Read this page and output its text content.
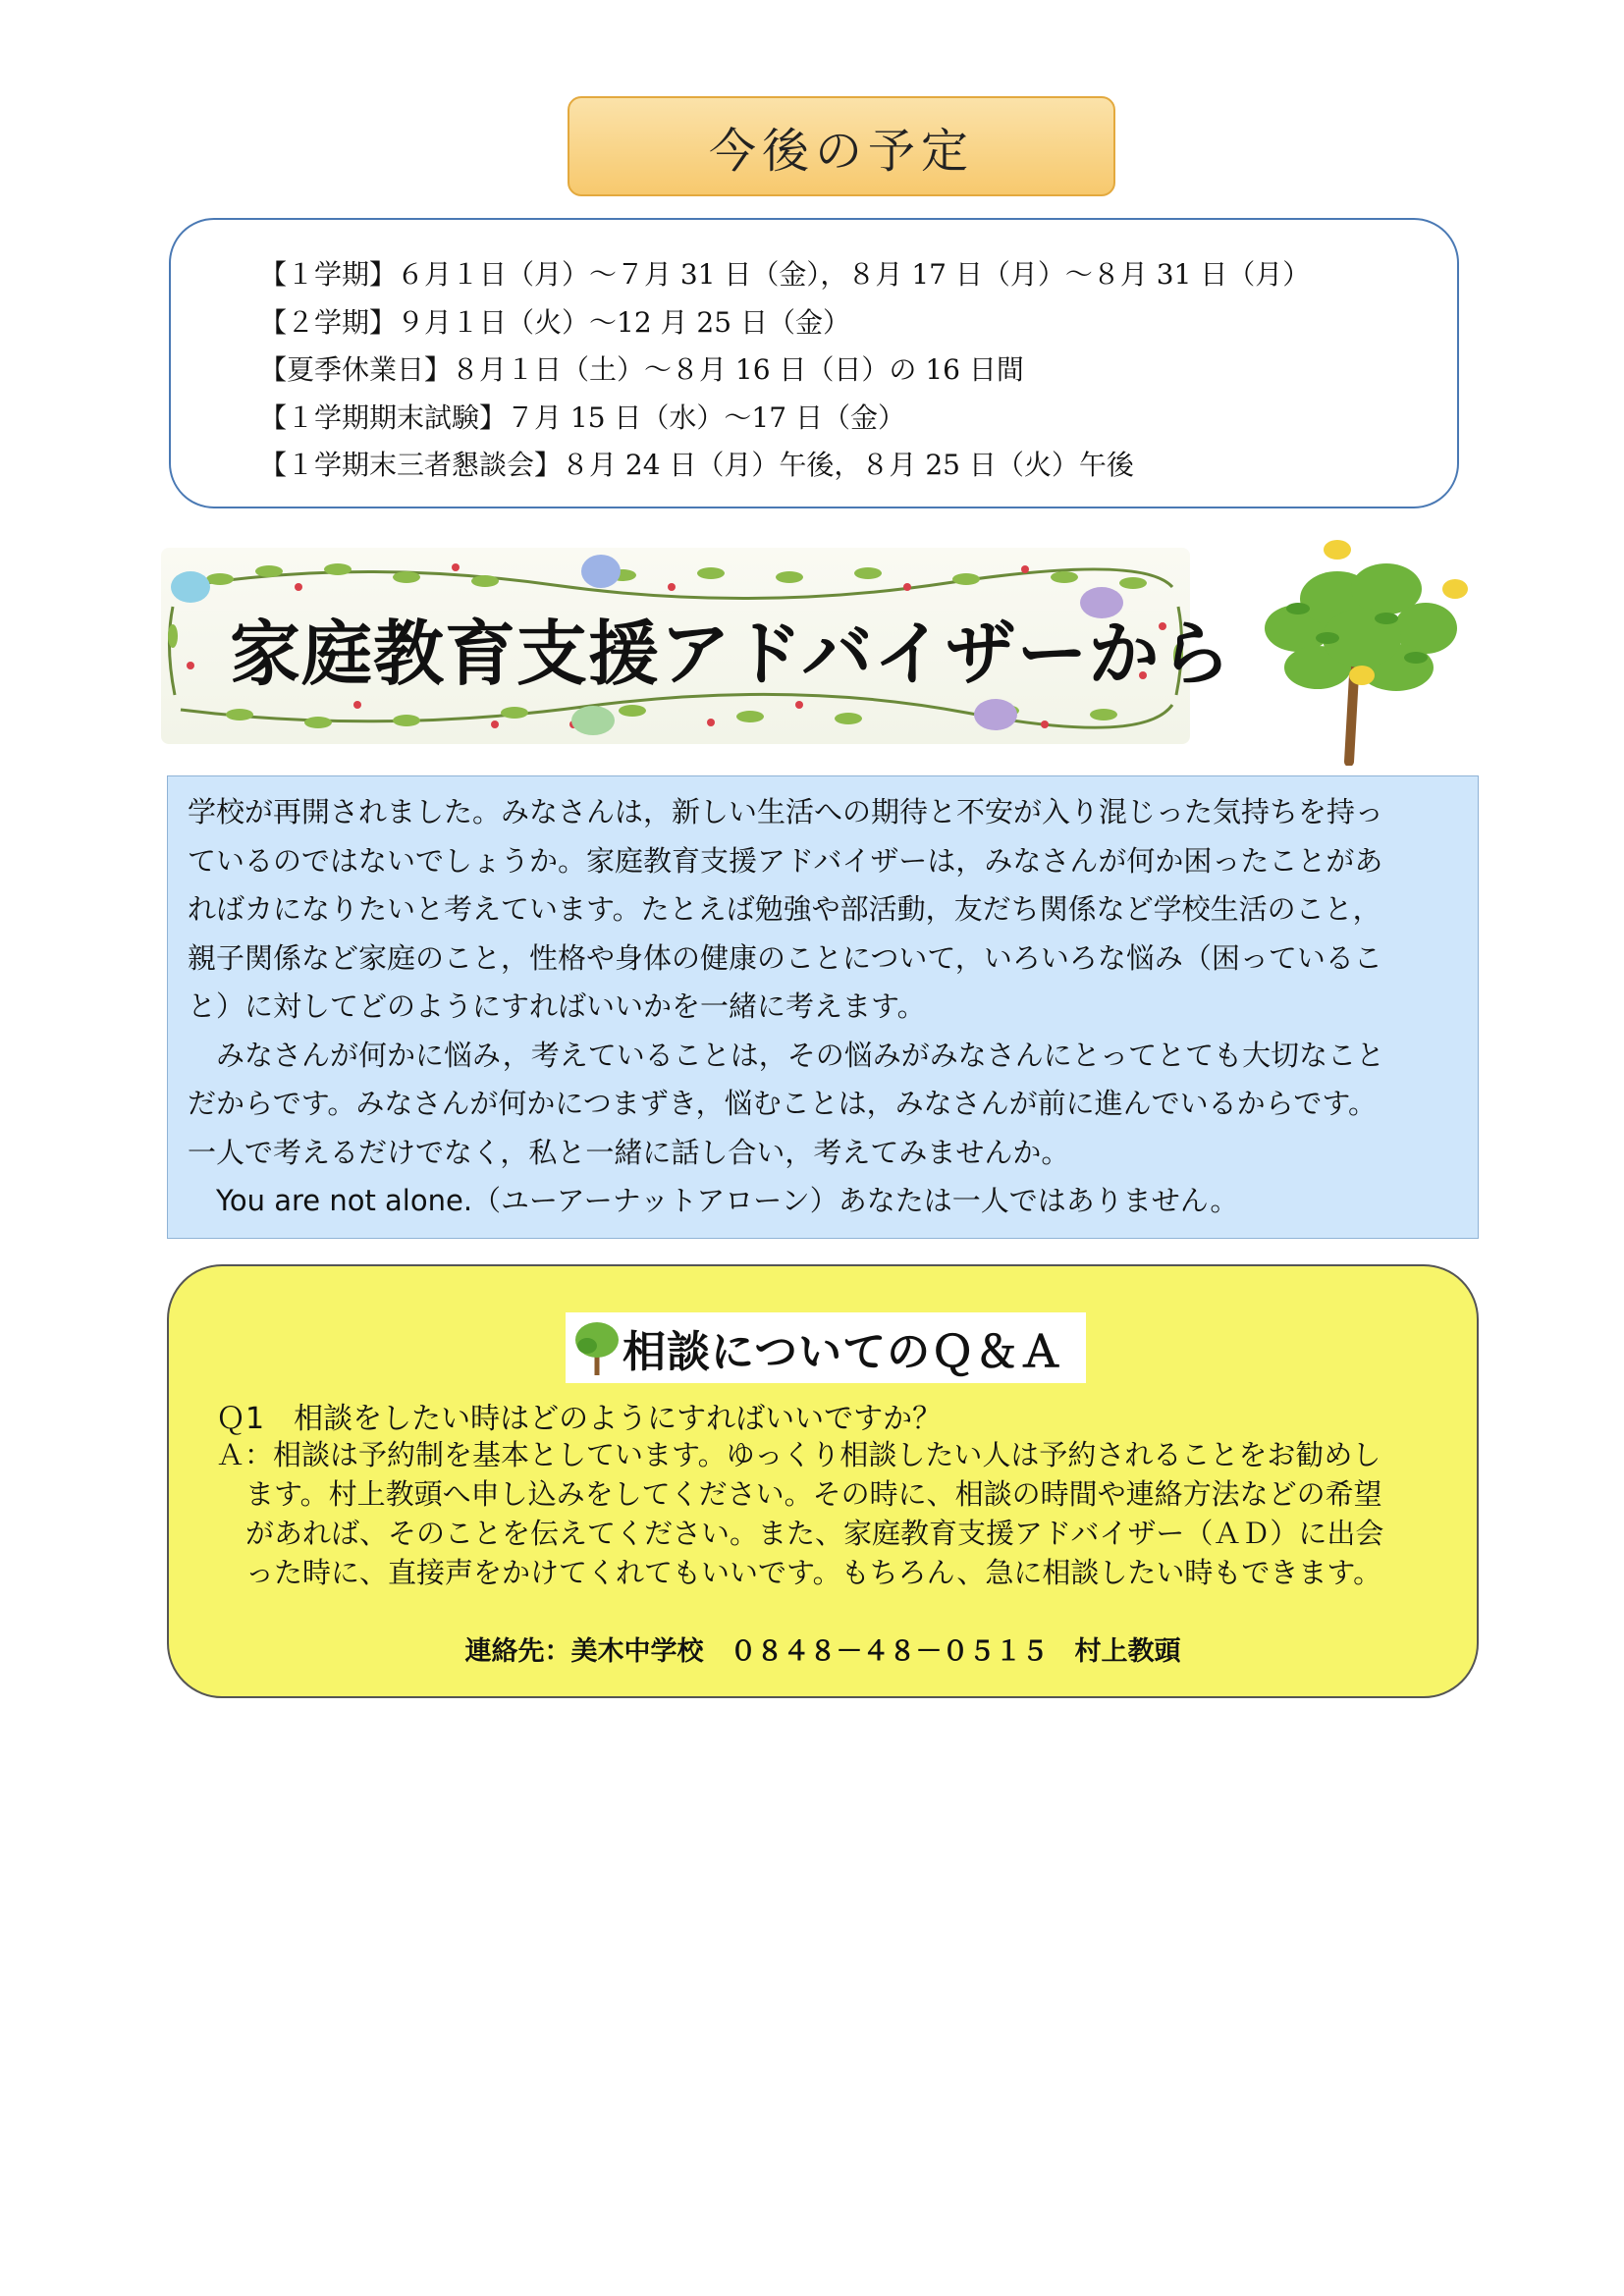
今後の予定
【１学期】６月１日（月）～７月 31 日（金），８月 17 日（月）～８月 31 日（月）
【２学期】９月１日（火）～12 月 25 日（金）
【夏季休業日】８月１日（土）～８月 16 日（日）の 16 日間
【１学期期末試験】７月 15 日（水）～17 日（金）
【１学期末三者懇談会】８月 24 日（月）午後，８月 25 日（火）午後
家庭教育支援アドバイザーから
学校が再開されました。みなさんは，新しい生活への期待と不安が入り混じった気持ちを持っ
ているのではないでしょうか。家庭教育支援アドバイザーは，みなさんが何か困ったことがあ
ればカになりたいと考えています。たとえば勉強や部活動，友だち関係など学校生活のこと，
親子関係など家庭のこと，性格や身体の健康のことについて，いろいろな悩み（困っているこ
と）に対してどのようにすればいいかを一緒に考えます。
　みなさんが何かに悩み，考えていることは，その悩みがみなさんにとってとても大切なこと
だからです。みなさんが何かにつまずき，悩むことは，みなさんが前に進んでいるからです。
一人で考えるだけでなく，私と一緒に話し合い，考えてみませんか。
　You are not alone.（ユーアーナットアローン）あなたは一人ではありません。
相談についてのＱ＆Ａ
Ｑ1　相談をしたい時はどのようにすればいいですか？
Ａ：相談は予約制を基本としています。ゆっくり相談したい人は予約されることをお勧めし
ます。村上教頭へ申し込みをしてください。その時に、相談の時間や連絡方法などの希望
があれば、そのことを伝えてください。また、家庭教育支援アドバイザー（ＡＤ）に出会
った時に、直接声をかけてくれてもいいです。もちろん、急に相談したい時もできます。
連絡先：美木中学校　０８４８－４８－０５１５　村上教頭
